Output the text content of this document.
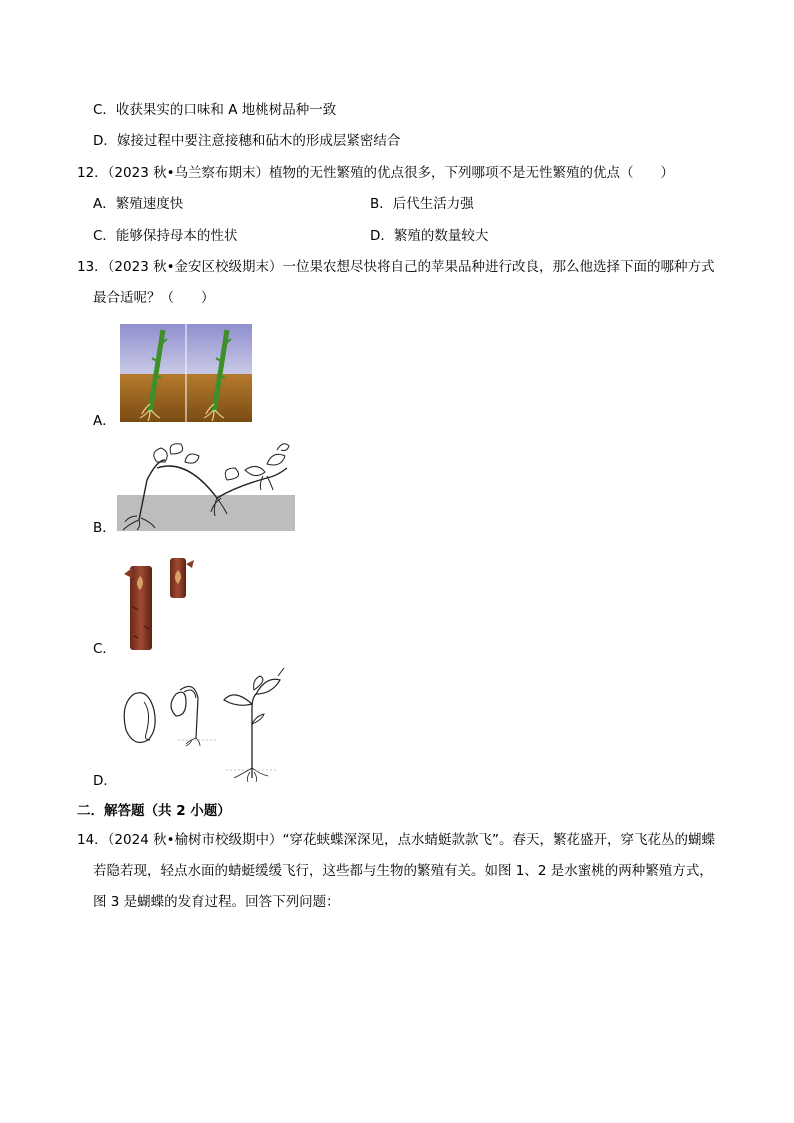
C．收获果实的口味和 A 地桃树品种一致
D．嫁接过程中要注意接穗和砧木的形成层紧密结合
12．（2023 秋•乌兰察布期末）植物的无性繁殖的优点很多，下列哪项不是无性繁殖的优点（　　）
A．繁殖速度快	B．后代生活力强
C．能够保持母本的性状	D．繁殖的数量较大
13．（2023 秋•金安区校级期末）一位果农想尽快将自己的苹果品种进行改良，那么他选择下面的哪种方式
最合适呢？（　　）
A．
B．
C．
D．
二．解答题（共 2 小题）
14．（2024 秋•榆树市校级期中）“穿花蛱蝶深深见，点水蜻蜓款款飞”。春天，繁花盛开，穿飞花丛的蝴蝶
若隐若现，轻点水面的蜻蜓缓缓飞行，这些都与生物的繁殖有关。如图 1、2 是水蜜桃的两种繁殖方式，
图 3 是蝴蝶的发育过程。回答下列问题：
